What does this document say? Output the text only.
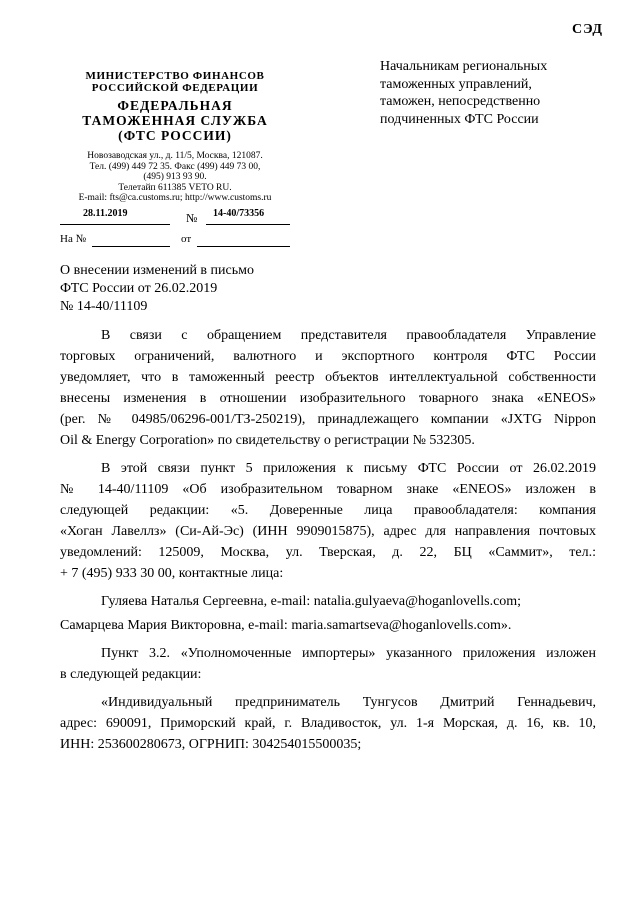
СЭД
МИНИСТЕРСТВО ФИНАНСОВ
РОССИЙСКОЙ ФЕДЕРАЦИИ
ФЕДЕРАЛЬНАЯ
ТАМОЖЕННАЯ СЛУЖБА
(ФТС РОССИИ)
Новозаводская ул., д. 11/5, Москва, 121087.
Тел. (499) 449 72 35. Факс (499) 449 73 00,
(495) 913 93 90.
Телетайп 611385 VETO RU.
E-mail: fts@ca.customs.ru; http://www.customs.ru
28.11.2019	№ 14-40/73356
На №	от
Начальникам региональных
таможенных управлений,
таможен, непосредственно
подчиненных ФТС России
О внесении изменений в письмо
ФТС России от 26.02.2019
№ 14-40/11109
В связи с обращением представителя правообладателя Управление
торговых ограничений, валютного и экспортного контроля ФТС России
уведомляет, что в таможенный реестр объектов интеллектуальной собственности
внесены изменения в отношении изобразительного товарного знака «ENEOS»
(рег. № 04985/06296-001/ТЗ-250219), принадлежащего компании «JXTG Nippon
Oil & Energy Corporation» по свидетельству о регистрации № 532305.
В этой связи пункт 5 приложения к письму ФТС России от 26.02.2019
№ 14-40/11109 «Об изобразительном товарном знаке «ENEOS» изложен в
следующей редакции: «5. Доверенные лица правообладателя: компания
«Хоган Лавеллз» (Си-Ай-Эс) (ИНН 9909015875), адрес для направления почтовых
уведомлений: 125009, Москва, ул. Тверская, д. 22, БЦ «Саммит», тел.:
+ 7 (495) 933 30 00, контактные лица:
Гуляева Наталья Сергеевна, e-mail: natalia.gulyaeva@hoganlovells.com;
Самарцева Мария Викторовна, e-mail: maria.samartseva@hoganlovells.com».
Пункт 3.2. «Уполномоченные импортеры» указанного приложения изложен
в следующей редакции:
«Индивидуальный предприниматель Тунгусов Дмитрий Геннадьевич,
адрес: 690091, Приморский край, г. Владивосток, ул. 1-я Морская, д. 16, кв. 10,
ИНН: 253600280673, ОГРНИП: 304254015500035;
